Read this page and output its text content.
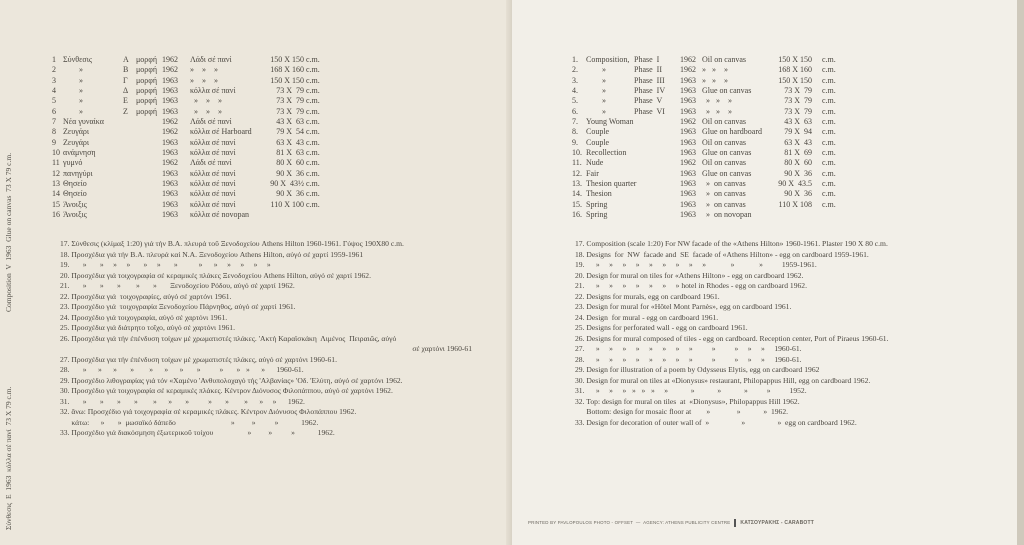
Σύνθεσις  Ε  1963  κόλλα σέ πανί  73 X 79 c.m.
Composition  V  1963  Glue on canvas  73 X 79 c.m.
1 Σύνθεσις	Α μορφή 1962 Λάδι σέ πανί	150 X 150 c.m.
2	»	Β μορφή 1962 »    »    »	168 X 160 c.m.
3	»	Γ μορφή 1963 »    »    »	150 X 150 c.m.
4	»	Δ μορφή 1963 κόλλα σέ πανί	73 X  79 c.m.
5	»	Ε μορφή 1963 »    »    »	73 X  79 c.m.
6	»	Ζ μορφή 1963 »    »    »	73 X  79 c.m.
7 Νέα γυναίκα	1962 Λάδι σέ πανί	43 X  63 c.m.
8 Ζευγάρι	1962 κόλλα σέ Harboard	79 X  54 c.m.
9 Ζευγάρι	1963 κόλλα σέ πανί	63 X  43 c.m.
10 ανάμνηση	1963 κόλλα σέ πανί	81 X  63 c.m.
11 γυμνό	1962 Λάδι σέ πανί	80 X  60 c.m.
12 πανηγύρι	1963 κόλλα σέ πανί	90 X  36 c.m.
13 Θησείο	1963 κόλλα σέ πανί	90 X  43½ c.m.
14 Θησείο	1963 κόλλα σέ πανί	90 X  36 c.m.
15 Άνοιξις	1963 κόλλα σέ πανί	110 X 100 c.m.
16 Άνοιξις	1963 κόλλα σέ novopan
17. Σύνθεσις (κλίμαξ 1:20) γιά τήν Β.Α. πλευρά τοῦ Ξενοδοχείου Athens Hilton 1960-1961. Γύψος 190X80 c.m.
18. Προσχέδια γιά τήν Β.Α. πλευρά καί Ν.Α. Ξενοδοχείου Athens Hilton, αὐγό σέ χαρτί 1959-1961
19.       »       »     »     »       »     »       »           »      »     »     »     »     »
20. Προσχέδια γιά τοιχογραφία σέ κεραμικές πλάκες Ξενοδοχείου Athens Hilton, αὐγό σέ χαρτί 1962.
21.       »       »       »        »       »       Ξενοδοχείου Ρόδου, αὐγό σέ χαρτί 1962.
22. Προσχέδια γιά  τοιχογραφίες, αὐγό σέ χαρτόνι 1961.
23. Προσχέδιο γιά  τοιχογραφία Ξενοδοχείου Πάρνηθος, αὐγό σέ χαρτί 1961.
24. Προσχέδιο γιά τοιχογραφία, αὐγό σέ χαρτόνι 1961.
25. Προσχέδια γιά διάτρητο τοῖχο, αὐγό σέ χαρτόνι 1961.
26. Προσχέδια γιά τήν ἐπένδυση τοίχων μέ χρωματιστές πλάκες. 'Ακτή Καραϊσκάκη  Λιμένος  Πειραιῶς, αὐγό
σέ χαρτόνι 1960-61
27. Προσχέδια για τήν ἐπένδυση τοίχων μέ χρωματιστές πλάκες, αὐγό σέ χαρτόνι 1960-61.
28.       »      »      »       »        »      »      »       »          »       »   »      »      1960-61.
29. Προσχέδιο λιθογραφίας γιά τόν «Χαμένο 'Ανθυπολοχαγό τής 'Αλβανίας» 'Οδ. 'Ελύτη, αὐγό σέ χαρτόνι 1962.
30. Προσχέδιο γιά τοιχογραφία σέ κεραμικές πλάκες. Κέντρον Διόνυσος Φιλοπάππου, αὐγό σέ χαρτόνι 1962.
31.       »       »       »       »        »      »       »          »       »        »      »     »      1962.
32. ἄνω: Προσχέδιο γιά τοιχογραφία σέ κεραμικές πλάκες. Κέντρον Διόνυσος Φιλοπάππου 1962.
κάτω:      »       »  μωσαϊκό δάπεδο                             »         »          »            1962.
33. Προσχέδιο γιά διακόσμηση ἐξωτερικοῦ τοίχου                  »         »          »            1962.
1. Composition, Phase  I	1962 Oil on canvas	150 X 150 c.m.
2.	»	Phase  II 1962 »   »    »	168 X 160 c.m.
3.	»	Phase  III 1963 »   »    »	150 X 150 c.m.
4.	»	Phase  IV 1963 Glue on canvas	73 X  79 c.m.
5.	»	Phase  V 1963 »   »    »	73 X  79 c.m.
6.	»	Phase  VI 1963 »   »    »	73 X  79 c.m.
7. Young Woman	1962 Oil on canvas	43 X  63 c.m.
8. Couple	1963 Glue on hardboard	79 X  94 c.m.
9. Couple	1963 Oil on canvas	63 X  43 c.m.
10. Recollection	1963 Glue on canvas	81 X  69 c.m.
11. Nude	1962 Oil on canvas	80 X  60 c.m.
12. Fair	1963 Glue on canvas	90 X  36 c.m.
13. Thesion quarter	1963 »  on canvas	90 X  43.5 c.m.
14. Thesion	1963 »  on canvas	90 X  36 c.m.
15. Spring	1963 »  on canvas	110 X 108 c.m.
16. Spring	1963 »  on novopan
17. Composition (scale 1:20) For NW facade of the «Athens Hilton» 1960-1961. Plaster 190 X 80 c.m.
18. Designs  for  NW  facade and  SE  facade of «Athens Hilton» - egg on cardboard 1959-1961.
19.      »     »     »     »     »     »     »     »     »             »             »          1959-1961.
20. Design for mural on tiles for «Athens Hilton» - egg on cardboard 1962.
21.      »     »     »     »     »     »     » hotel in Rhodes - egg on cardboard 1962.
22. Designs for murals, egg on cardboard 1961.
23. Design for mural for «Hôtel Mont Parnès», egg on cardboard 1961.
24. Design  for mural - egg on cardboard 1961.
25. Designs for perforated wall - egg on cardboard 1961.
26. Designs for mural composed of tiles - egg on cardboard. Reception center, Port of Piraeus 1960-61.
27.      »     »     »     »     »     »     »     »          »          »     »     »     1960-61.
28.      »     »     »     »     »     »     »     »          »          »     »     »     1960-61.
29. Design for illustration of a poem by Odysseus Elytis, egg on cardboard 1962
30. Design for mural on tiles at «Dionysus» restaurant, Philopappus Hill, egg on cardboard 1962.
31.      »     »     »   »   »   »     »            »            »            »          »          1952.
32. Top: design for mural on tiles  at  «Dionysus», Philopappus Hill 1962.
Bottom: design for mosaic floor at        »              »            »  1962.
33. Design for decoration of outer wall of  »                 »                 »  egg on cardboard 1962.
PRINTED BY PAVLOPOULOS PHOTO - OFFSET  —  AGENCY: ATHENS PUBLICITY CENTRE ΚΑΤΣΟΥΡΑΚΗΣ - CARABOTT
